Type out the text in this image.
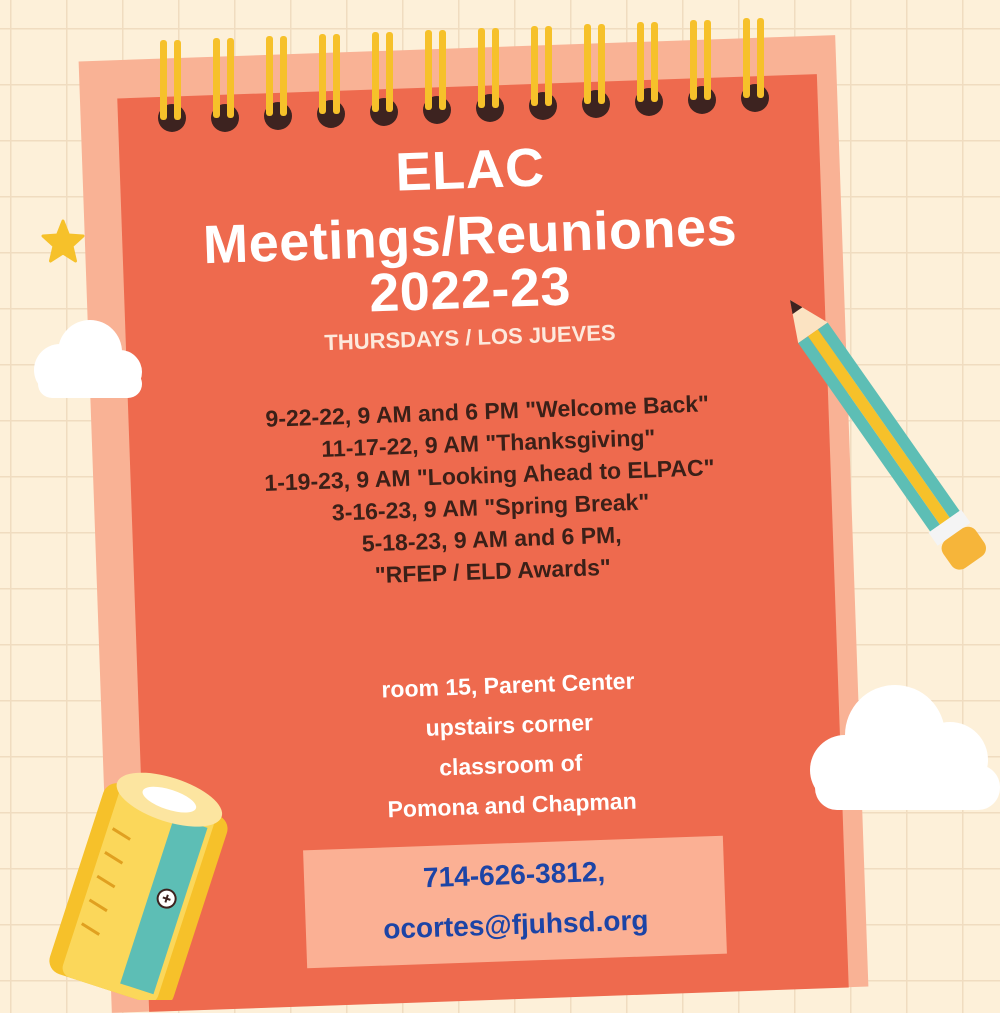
ELAC
Meetings/Reuniones
2022-23
THURSDAYS / LOS JUEVES
9-22-22, 9 AM and 6 PM "Welcome Back"
11-17-22, 9 AM "Thanksgiving"
1-19-23, 9 AM "Looking Ahead to ELPAC"
3-16-23, 9 AM "Spring Break"
5-18-23, 9 AM and 6 PM,
"RFEP / ELD Awards"
room 15, Parent Center
upstairs corner
classroom of
Pomona and Chapman
714-626-3812,
ocortes@fjuhsd.org
